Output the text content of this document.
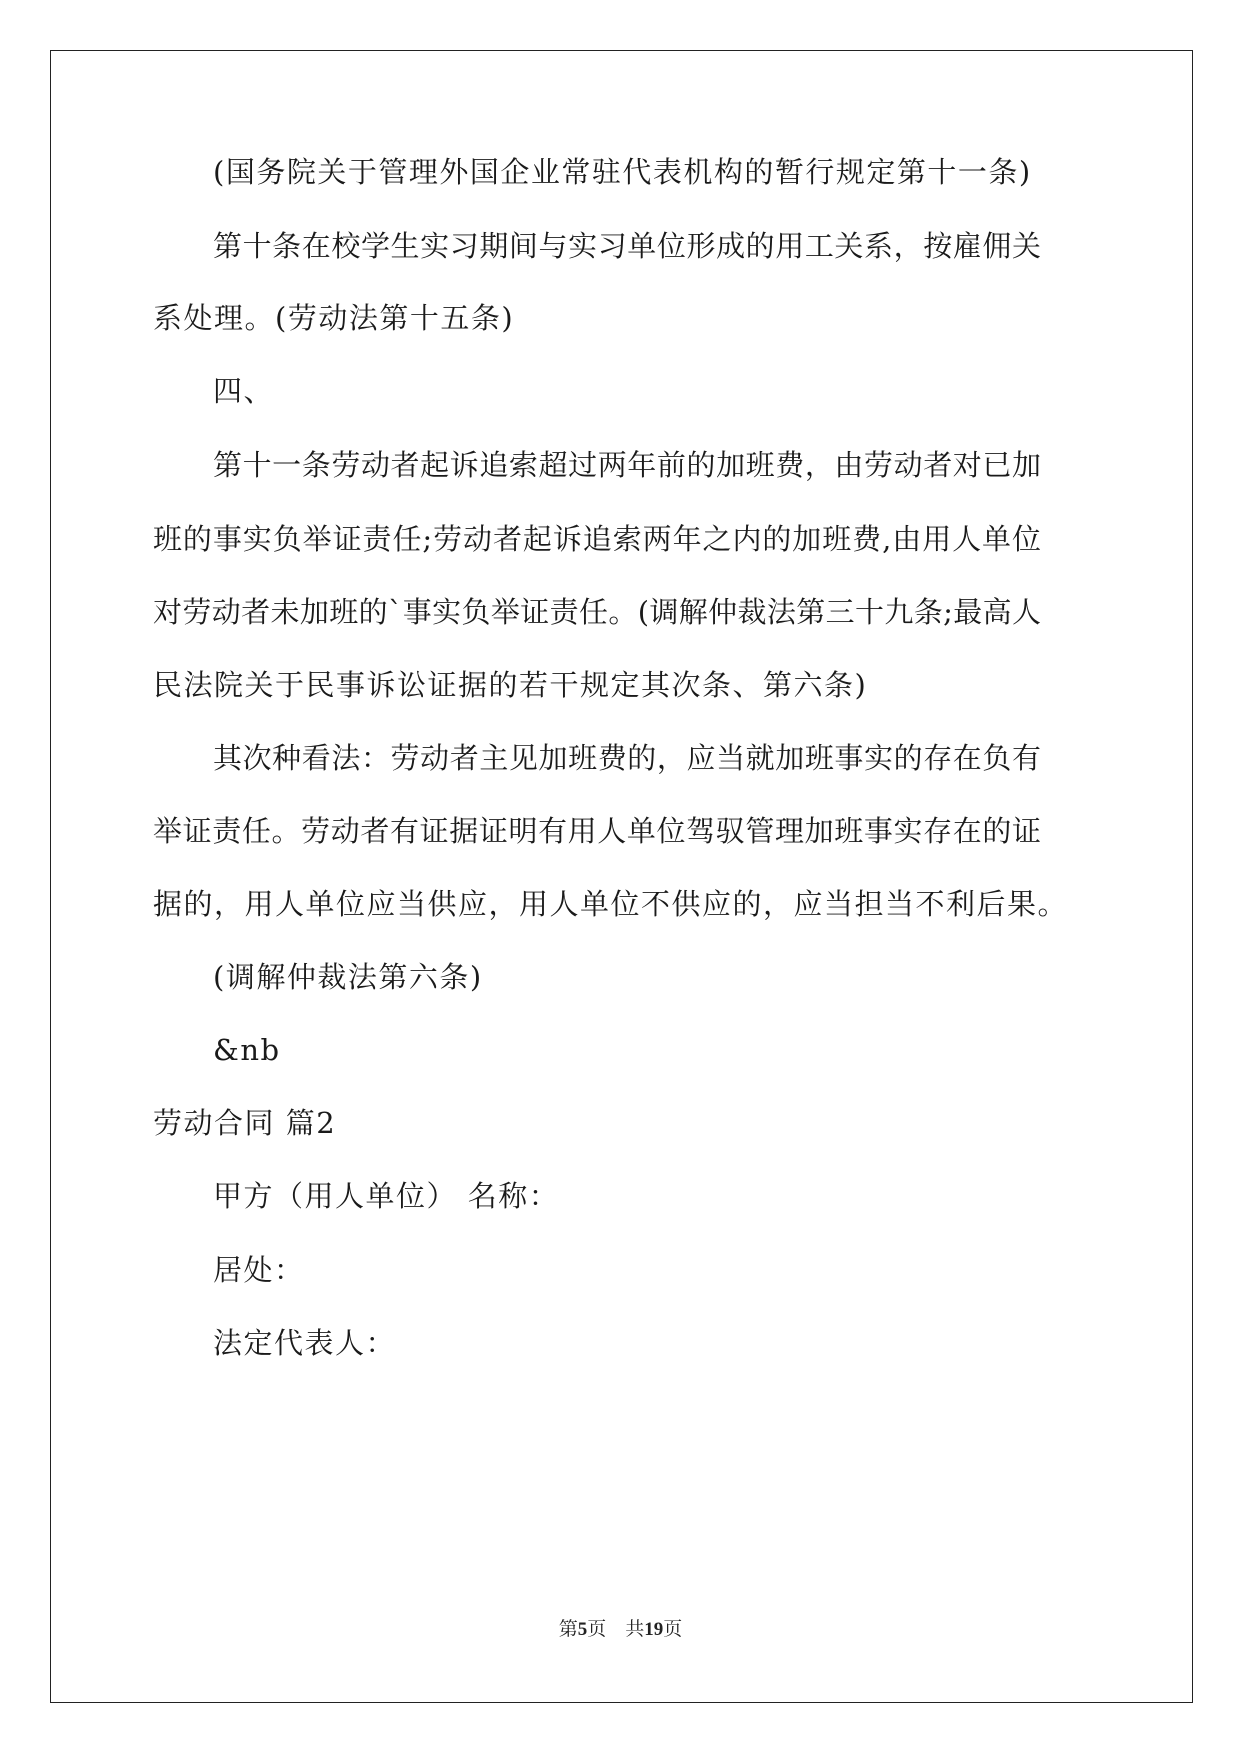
(国务院关于管理外国企业常驻代表机构的暂行规定第十一条)
第十条在校学生实习期间与实习单位形成的用工关系，按雇佣关
系处理。(劳动法第十五条)
四、
第十一条劳动者起诉追索超过两年前的加班费，由劳动者对已加
班的事实负举证责任;劳动者起诉追索两年之内的加班费,由用人单位
对劳动者未加班的`事实负举证责任。(调解仲裁法第三十九条;最高人
民法院关于民事诉讼证据的若干规定其次条、第六条)
其次种看法：劳动者主见加班费的，应当就加班事实的存在负有
举证责任。劳动者有证据证明有用人单位驾驭管理加班事实存在的证
据的，用人单位应当供应，用人单位不供应的，应当担当不利后果。
(调解仲裁法第六条)
&nb
劳动合同 篇2
甲方（用人单位） 名称：
居处：
法定代表人：
第5页　共19页
